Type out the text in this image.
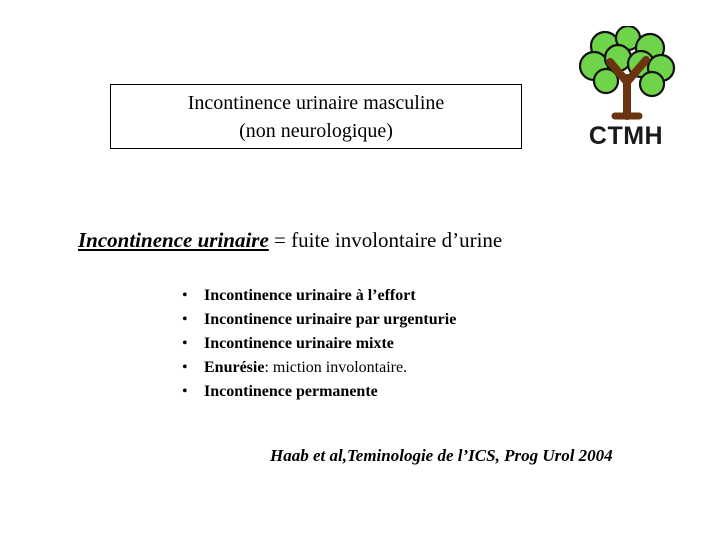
CTMH
Incontinence urinaire masculine
(non neurologique)
Incontinence urinaire = fuite involontaire d’urine
•	Incontinence urinaire à l’effort
•	Incontinence urinaire par urgenturie
•	Incontinence urinaire mixte
•	Enurésie: miction involontaire.
•	Incontinence permanente
Haab et al,Teminologie de l’ICS, Prog Urol 2004
